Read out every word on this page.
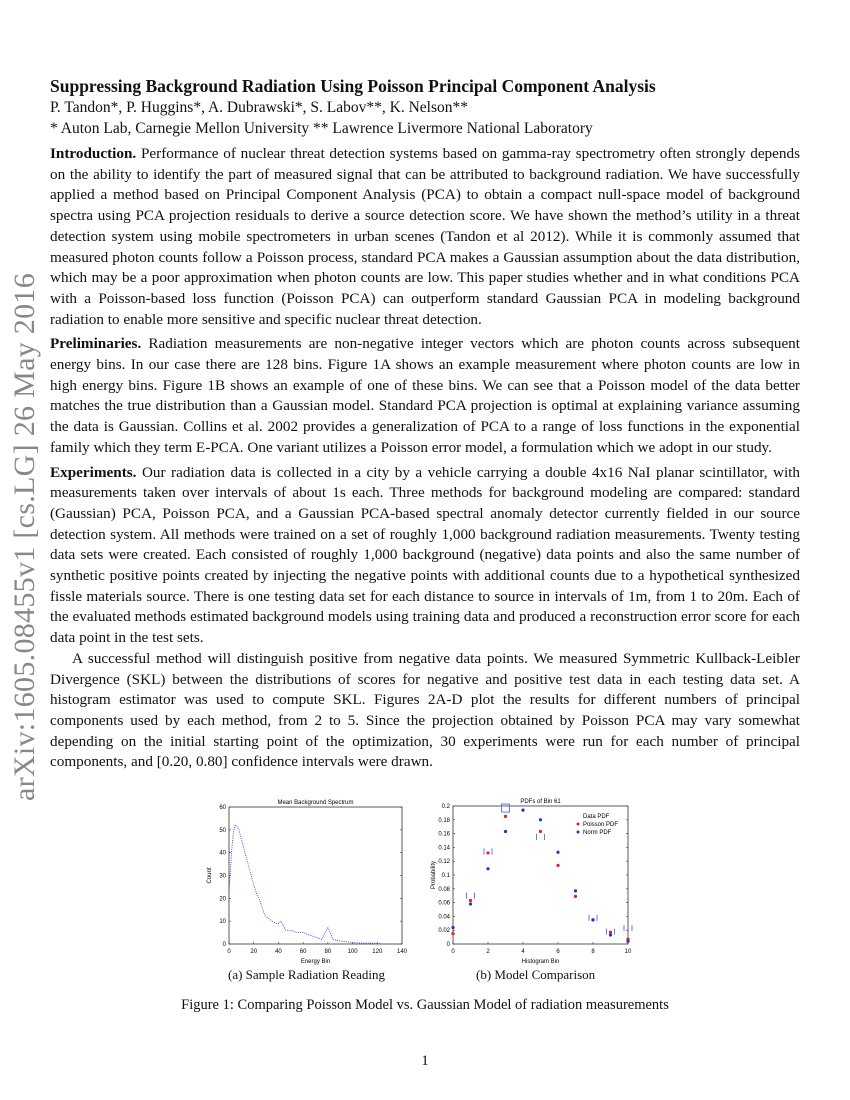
arXiv:1605.08455v1 [cs.LG] 26 May 2016
Suppressing Background Radiation Using Poisson Principal Component Analysis
P. Tandon*, P. Huggins*, A. Dubrawski*, S. Labov**, K. Nelson**
* Auton Lab, Carnegie Mellon University ** Lawrence Livermore National Laboratory

Introduction. Performance of nuclear threat detection systems based on gamma-ray spectrometry often strongly depends on the ability to identify the part of measured signal that can be attributed to background radiation. We have successfully applied a method based on Principal Component Analysis (PCA) to obtain a compact null-space model of background spectra using PCA projection residuals to derive a source detection score. We have shown the method’s utility in a threat detection system using mobile spectrometers in urban scenes (Tandon et al 2012). While it is commonly assumed that measured photon counts follow a Poisson process, standard PCA makes a Gaussian assumption about the data distribution, which may be a poor approximation when photon counts are low. This paper studies whether and in what conditions PCA with a Poisson-based loss function (Poisson PCA) can outperform standard Gaussian PCA in modeling background radiation to enable more sensitive and specific nuclear threat detection.

Preliminaries. Radiation measurements are non-negative integer vectors which are photon counts across subsequent energy bins. In our case there are 128 bins. Figure 1A shows an example measurement where photon counts are low in high energy bins. Figure 1B shows an example of one of these bins. We can see that a Poisson model of the data better matches the true distribution than a Gaussian model. Standard PCA projection is optimal at explaining variance assuming the data is Gaussian. Collins et al. 2002 provides a generalization of PCA to a range of loss functions in the exponential family which they term E-PCA. One variant utilizes a Poisson error model, a formulation which we adopt in our study.

Experiments. Our radiation data is collected in a city by a vehicle carrying a double 4x16 NaI planar scintillator, with measurements taken over intervals of about 1s each. Three methods for background modeling are compared: standard (Gaussian) PCA, Poisson PCA, and a Gaussian PCA-based spectral anomaly detector currently fielded in our source detection system. All methods were trained on a set of roughly 1,000 background radiation measurements. Twenty testing data sets were created. Each consisted of roughly 1,000 background (negative) data points and also the same number of synthetic positive points created by injecting the negative points with additional counts due to a hypothetical synthesized fissle materials source. There is one testing data set for each distance to source in intervals of 1m, from 1 to 20m. Each of the evaluated methods estimated background models using training data and produced a reconstruction error score for each data point in the test sets.

A successful method will distinguish positive from negative data points. We measured Symmetric Kullback-Leibler Divergence (SKL) between the distributions of scores for negative and positive test data in each testing data set. A histogram estimator was used to compute SKL. Figures 2A-D plot the results for different numbers of principal components used by each method, from 2 to 5. Since the projection obtained by Poisson PCA may vary somewhat depending on the initial starting point of the optimization, 30 experiments were run for each number of principal components, and [0.20, 0.80] confidence intervals were drawn.

Mean Background Spectrum
Energy Bin
Count
0	20	40	60	80	100 120 140
0
10
20
30
40
50
60
PDFs of Bin 61
Histogram Bin
Probability
0	2	4	6	8	10
0
0.02
0.04
0.06
0.08
0.1
0.12
0.14
0.16
0.18
0.2
Data PDF
Poisson PDF
Norm PDF
(a) Sample Radiation Reading	(b) Model Comparison
Figure 1: Comparing Poisson Model vs. Gaussian Model of radiation measurements
1
